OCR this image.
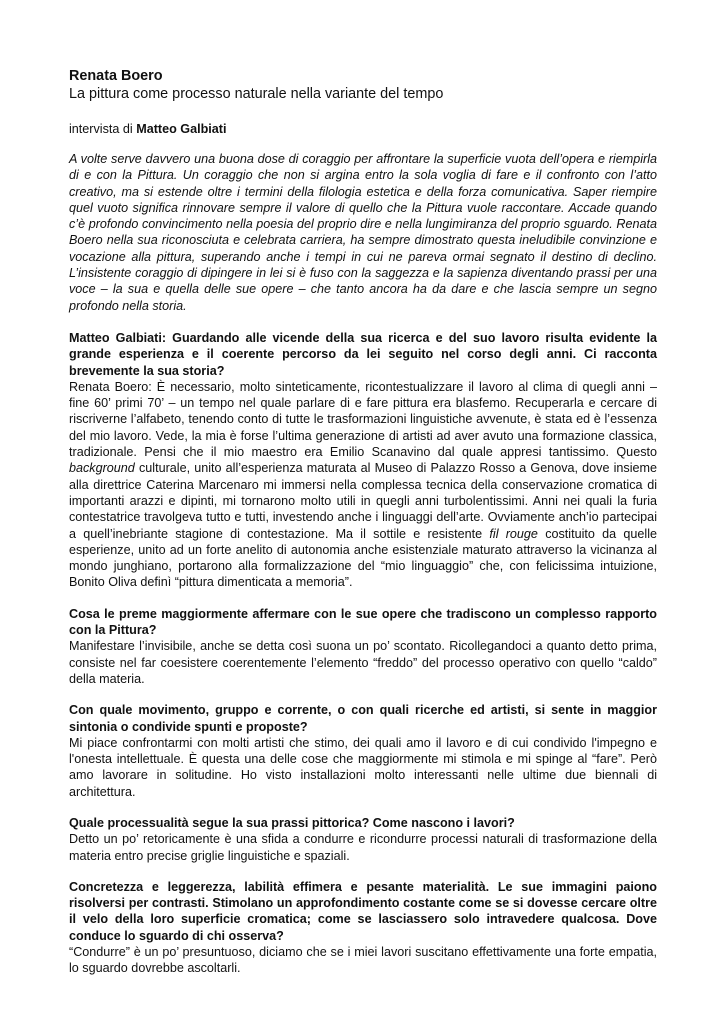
Renata Boero

La pittura come processo naturale nella variante del tempo

intervista di Matteo Galbiati

A volte serve davvero una buona dose di coraggio per affrontare la superficie vuota dell’opera e riempirla di e con la Pittura. Un coraggio che non si argina entro la sola voglia di fare e il confronto con l’atto creativo, ma si estende oltre i termini della filologia estetica e della forza comunicativa. Saper riempire quel vuoto significa rinnovare sempre il valore di quello che la Pittura vuole raccontare. Accade quando c’è profondo convincimento nella poesia del proprio dire e nella lungimiranza del proprio sguardo. Renata Boero nella sua riconosciuta e celebrata carriera, ha sempre dimostrato questa ineludibile convinzione e vocazione alla pittura, superando anche i tempi in cui ne pareva ormai segnato il destino di declino. L’insistente coraggio di dipingere in lei si è fuso con la saggezza e la sapienza diventando prassi per una voce – la sua e quella delle sue opere – che tanto ancora ha da dare e che lascia sempre un segno profondo nella storia.

Matteo Galbiati: Guardando alle vicende della sua ricerca e del suo lavoro risulta evidente la grande esperienza e il coerente percorso da lei seguito nel corso degli anni. Ci racconta brevemente la sua storia?

Renata Boero: È necessario, molto sinteticamente, ricontestualizzare il lavoro al clima di quegli anni – fine 60’ primi 70’ – un tempo nel quale parlare di e fare pittura era blasfemo. Recuperarla e cercare di riscriverne l’alfabeto, tenendo conto di tutte le trasformazioni linguistiche avvenute, è stata ed è l’essenza del mio lavoro. Vede, la mia è forse l’ultima generazione di artisti ad aver avuto una formazione classica, tradizionale. Pensi che il mio maestro era Emilio Scanavino dal quale appresi tantissimo. Questo background culturale, unito all’esperienza maturata al Museo di Palazzo Rosso a Genova, dove insieme alla direttrice Caterina Marcenaro mi immersi nella complessa tecnica della conservazione cromatica di importanti arazzi e dipinti, mi tornarono molto utili in quegli anni turbolentissimi. Anni nei quali la furia contestatrice travolgeva tutto e tutti, investendo anche i linguaggi dell’arte. Ovviamente anch’io partecipai a quell’inebriante stagione di contestazione. Ma il sottile e resistente fil rouge costituito da quelle esperienze, unito ad un forte anelito di autonomia anche esistenziale maturato attraverso la vicinanza al mondo junghiano, portarono alla formalizzazione del “mio linguaggio” che, con felicissima intuizione, Bonito Oliva definì “pittura dimenticata a memoria”.

Cosa le preme maggiormente affermare con le sue opere che tradiscono un complesso rapporto con la Pittura?

Manifestare l’invisibile, anche se detta così suona un po’ scontato. Ricollegandoci a quanto detto prima, consiste nel far coesistere coerentemente l’elemento “freddo” del processo operativo con quello “caldo” della materia.

Con quale movimento, gruppo e corrente, o con quali ricerche ed artisti, si sente in maggior sintonia o condivide spunti e proposte?

Mi piace confrontarmi con molti artisti che stimo, dei quali amo il lavoro e di cui condivido l'impegno e l'onesta intellettuale. È questa una delle cose che maggiormente mi stimola e mi spinge al “fare”. Però amo lavorare in solitudine. Ho visto installazioni molto interessanti nelle ultime due biennali di architettura.

Quale processualità segue la sua prassi pittorica? Come nascono i lavori?

Detto un po’ retoricamente è una sfida a condurre e ricondurre processi naturali di trasformazione della materia entro precise griglie linguistiche e spaziali.

Concretezza e leggerezza, labilità effimera e pesante materialità. Le sue immagini paiono risolversi per contrasti. Stimolano un approfondimento costante come se si dovesse cercare oltre il velo della loro superficie cromatica; come se lasciassero solo intravedere qualcosa. Dove conduce lo sguardo di chi osserva?

“Condurre” è un po’ presuntuoso, diciamo che se i miei lavori suscitano effettivamente una forte empatia, lo sguardo dovrebbe ascoltarli.
